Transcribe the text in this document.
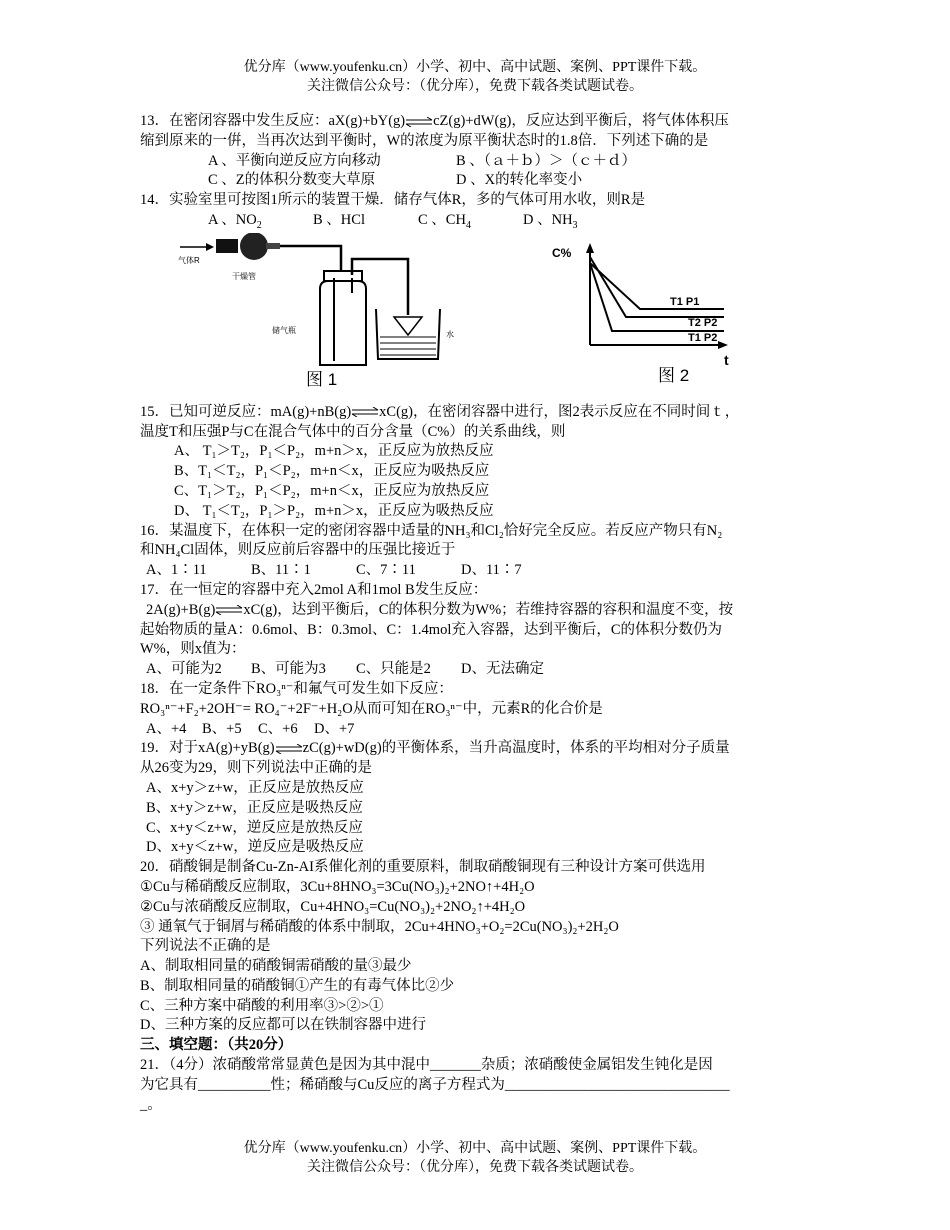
优分库（www.youfenku.cn）小学、初中、高中试题、案例、PPT课件下载。
关注微信公众号：（优分库），免费下载各类试题试卷。
13．在密闭容器中发生反应：aX(g)+bY(g)⇌cZ(g)+dW(g)，反应达到平衡后，将气体体积压
缩到原来的一倂，当再次达到平衡时，W的浓度为原平衡状态时的1.8倍．下列述下确的是
A 、平衡向逆反应方向移动	B 、（ａ＋ｂ）＞（ｃ＋ｄ）
C 、Z的体积分数变大草原	D 、X的转化率变小
14．实验室里可按图1所示的装置干燥．储存气体R，多的气体可用水收，则R是
A 、$NO_2$	B 、HCl	C 、$CH_4$	D 、$NH_3$
气体R
干燥管
储气瓶	水
图 1
C%
t
T1 P1
T2 P2
T1 P2
图 2
15．已知可逆反应：mA(g)+nB(g)⇌xC(g)，在密闭容器中进行，图2表示反应在不同时间ｔ，
温度T和压强P与C在混合气体中的百分含量（C%）的关系曲线，则
A、 T₁＞T₂，P₁＜P₂，m+n＞x，正反应为放热反应
B、T₁＜T₂，P₁＜P₂，m+n＜x，正反应为吸热反应
C、T₁＞T₂，P₁＜P₂，m+n＜x，正反应为放热反应
D、 T₁＜T₂，P₁＞P₂，m+n＞x，正反应为吸热反应
16．某温度下，在体积一定的密闭容器中适量的NH₃和Cl₂恰好完全反应。若反应产物只有N₂
和NH₄Cl固体，则反应前后容器中的压强比接近于
A、1∶11	B、11∶1	C、7∶11	D、11∶7
17．在一恒定的容器中充入2mol A和1mol B发生反应：
2A(g)+B(g)⇌xC(g)，达到平衡后，C的体积分数为W%；若维持容器的容积和温度不变，按
起始物质的量A：0.6mol、B：0.3mol、C：1.4mol充入容器，达到平衡后，C的体积分数仍为
W%，则x值为：
A、可能为2 B、可能为3 C、只能是2 D、无法确定
18．在一定条件下RO₃ⁿ⁻和氟气可发生如下反应：
RO₃ⁿ⁻+F₂+2OH⁻= RO₄⁻+2F⁻+H₂O从而可知在RO₃ⁿ⁻中，元素R的化合价是
A、+4 B、+5 C、+6 D、+7
19．对于xA(g)+yB(g)⇌zC(g)+wD(g)的平衡体系，当升高温度时，体系的平均相对分子质量
从26变为29，则下列说法中正确的是
A、x+y＞z+w，正反应是放热反应
B、x+y＞z+w，正反应是吸热反应
C、x+y＜z+w，逆反应是放热反应
D、x+y＜z+w，逆反应是吸热反应
20．硝酸铜是制备Cu-Zn-AI系催化剂的重要原料，制取硝酸铜现有三种设计方案可供选用
①Cu与稀硝酸反应制取，3Cu+8HNO₃=3Cu(NO₃)₂+2NO↑+4H₂O
②Cu与浓硝酸反应制取，Cu+4HNO₃=Cu(NO₃)₂+2NO₂↑+4H₂O
③ 通氧气于铜屑与稀硝酸的体系中制取，2Cu+4HNO₃+O₂=2Cu(NO₃)₂+2H₂O
下列说法不正确的是
A、制取相同量的硝酸铜需硝酸的量③最少
B、制取相同量的硝酸铜①产生的有毒气体比②少
C、三种方案中硝酸的利用率③>②>①
D、三种方案的反应都可以在铁制容器中进行
三、填空题：（共20分）
21．（4分）浓硝酸常常显黄色是因为其中混中_______杂质；浓硝酸使金属铝发生钝化是因
为它具有__________性；稀硝酸与Cu反应的离子方程式为_______________________________
_。
优分库（www.youfenku.cn）小学、初中、高中试题、案例、PPT课件下载。
关注微信公众号：（优分库），免费下载各类试题试卷。
